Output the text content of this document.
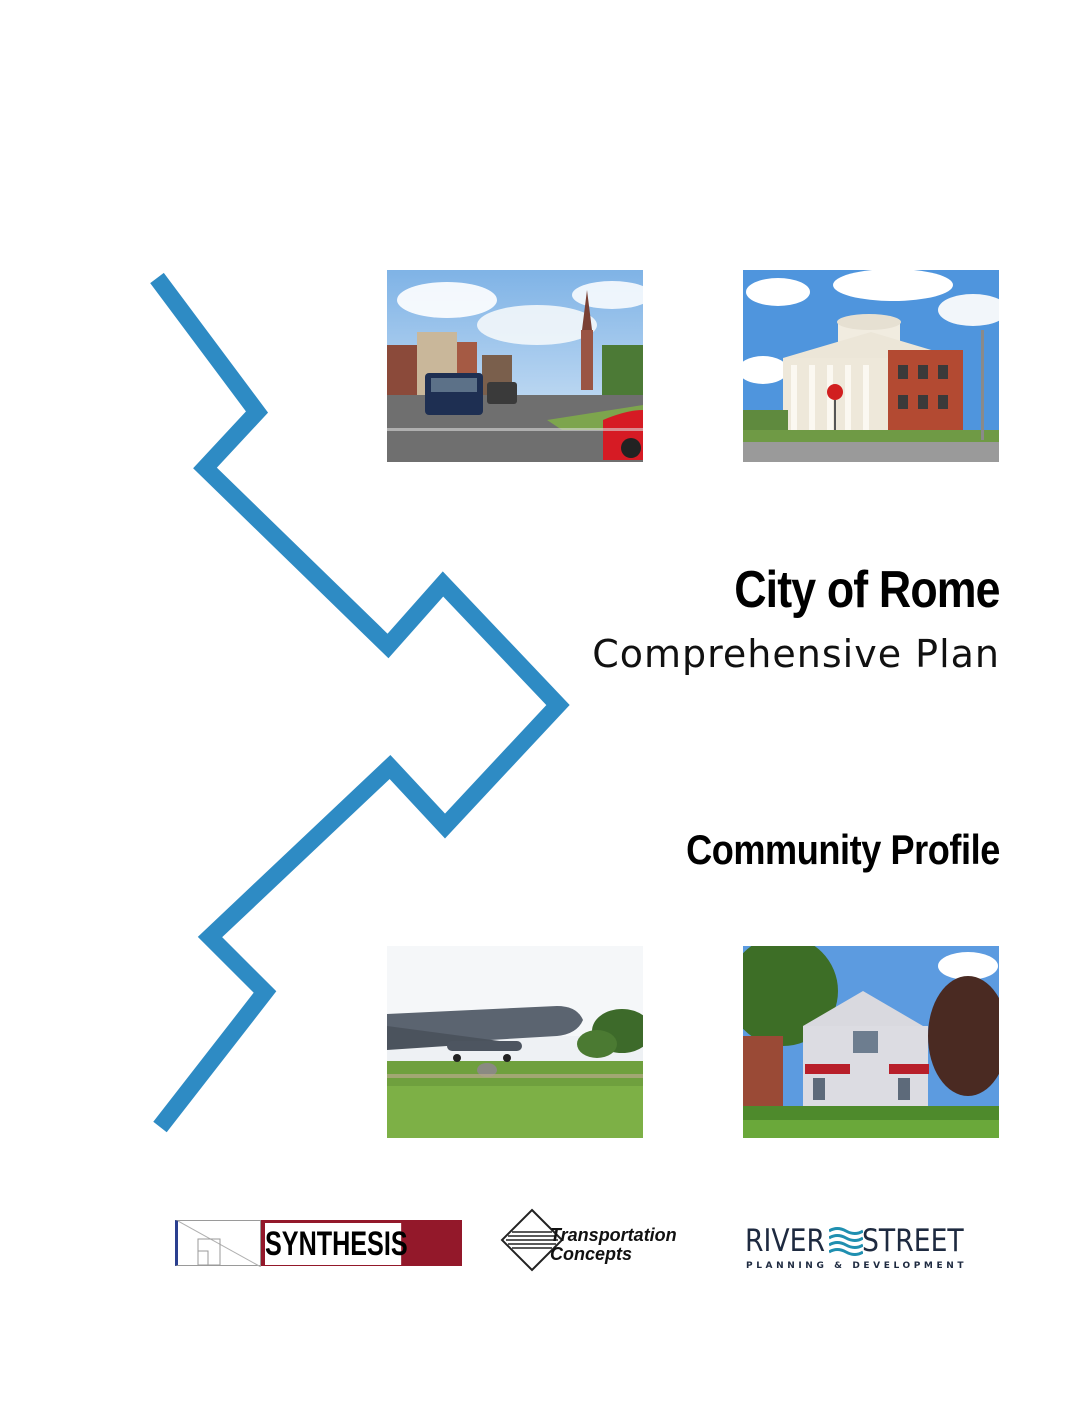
City of Rome
Comprehensive Plan
Community Profile
SYNTHESIS	Transportation
Concepts	RIVER STREET
PLANNING & DEVELOPMENT
